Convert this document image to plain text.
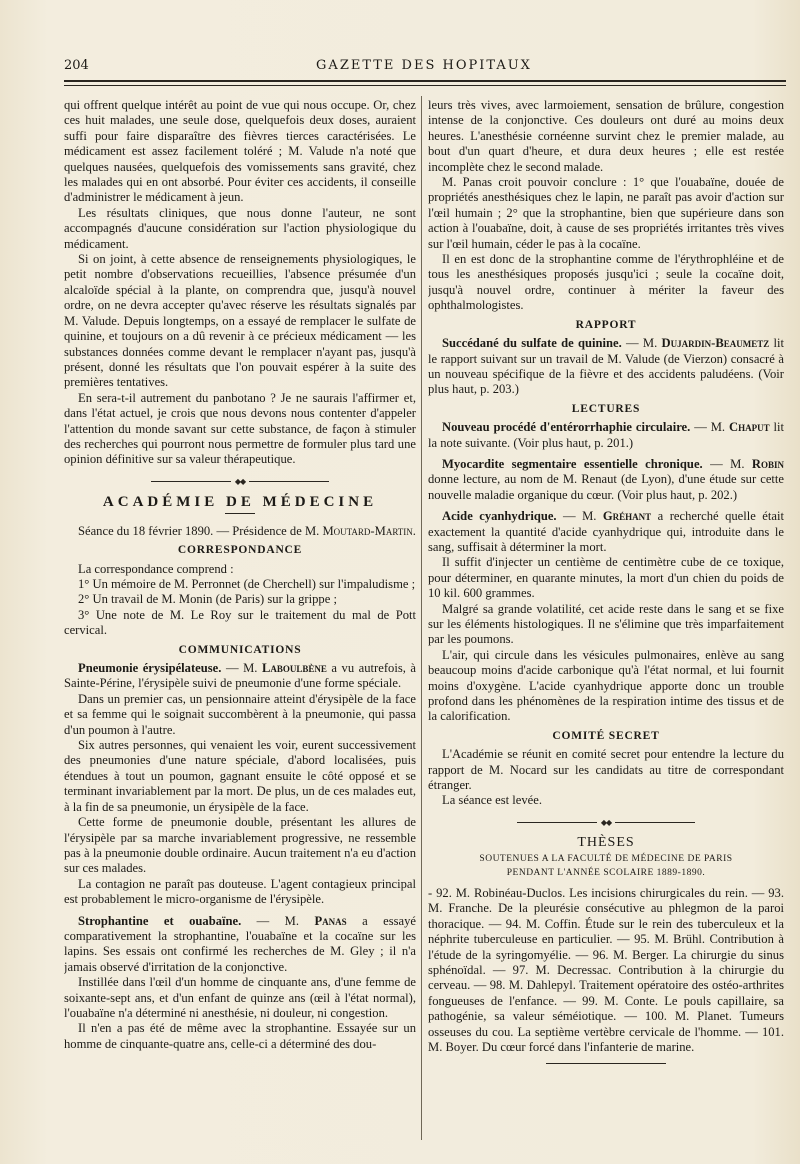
204	GAZETTE DES HOPITAUX

qui offrent quelque intérêt au point de vue qui nous occupe. Or, chez ces huit malades, une seule dose, quelquefois deux doses, auraient suffi pour faire disparaître des fièvres tierces caractérisées. Le médicament est assez facilement toléré ; M. Valude n'a noté que quelques nausées, quelquefois des vomissements sans gravité, chez les malades qui en ont absorbé. Pour éviter ces accidents, il conseille d'administrer le médicament à jeun.

Les résultats cliniques, que nous donne l'auteur, ne sont accompagnés d'aucune considération sur l'action physiologique du médicament.

Si on joint, à cette absence de renseignements physiologiques, le petit nombre d'observations recueillies, l'absence présumée d'un alcaloïde spécial à la plante, on comprendra que, jusqu'à nouvel ordre, on ne devra accepter qu'avec réserve les résultats signalés par M. Valude. Depuis longtemps, on a essayé de remplacer le sulfate de quinine, et toujours on a dû revenir à ce précieux médicament — les substances données comme devant le remplacer n'ayant pas, jusqu'à présent, donné les résultats que l'on pouvait espérer à la suite des premières tentatives.

En sera-t-il autrement du panbotano ? Je ne saurais l'affirmer et, dans l'état actuel, je crois que nous devons nous contenter d'appeler l'attention du monde savant sur cette substance, de façon à stimuler des recherches qui pourront nous permettre de formuler plus tard une opinion définitive sur sa valeur thérapeutique.

◆◆
ACADÉMIE DE MÉDECINE

Séance du 18 février 1890. — Présidence de M. Moutard-Martin.

CORRESPONDANCE

La correspondance comprend :

1° Un mémoire de M. Perronnet (de Cherchell) sur l'impaludisme ;

2° Un travail de M. Monin (de Paris) sur la grippe ;

3° Une note de M. Le Roy sur le traitement du mal de Pott cervical.

COMMUNICATIONS

Pneumonie érysipélateuse. — M. Laboulbène a vu autrefois, à Sainte-Périne, l'érysipèle suivi de pneumonie d'une forme spéciale.

Dans un premier cas, un pensionnaire atteint d'érysipèle de la face et sa femme qui le soignait succombèrent à la pneumonie, qui passa d'un poumon à l'autre.

Six autres personnes, qui venaient les voir, eurent successivement des pneumonies d'une nature spéciale, d'abord localisées, puis étendues à tout un poumon, gagnant ensuite le côté opposé et se terminant invariablement par la mort. De plus, un de ces malades eut, à la fin de sa pneumonie, un érysipèle de la face.

Cette forme de pneumonie double, présentant les allures de l'érysipèle par sa marche invariablement progressive, ne ressemble pas à la pneumonie double ordinaire. Aucun traitement n'a eu d'action sur ces malades.

La contagion ne paraît pas douteuse. L'agent contagieux principal est probablement le micro-organisme de l'érysipèle.

Strophantine et ouabaïne. — M. Panas a essayé comparativement la strophantine, l'ouabaïne et la cocaïne sur les lapins. Ses essais ont confirmé les recherches de M. Gley ; il n'a jamais observé d'irritation de la conjonctive.

Instillée dans l'œil d'un homme de cinquante ans, d'une femme de soixante-sept ans, et d'un enfant de quinze ans (œil à l'état normal), l'ouabaïne n'a déterminé ni anesthésie, ni douleur, ni congestion.

Il n'en a pas été de même avec la strophantine. Essayée sur un homme de cinquante-quatre ans, celle-ci a déterminé des dou-

leurs très vives, avec larmoiement, sensation de brûlure, congestion intense de la conjonctive. Ces douleurs ont duré au moins deux heures. L'anesthésie cornéenne survint chez le premier malade, au bout d'un quart d'heure, et dura deux heures ; elle est restée incomplète chez le second malade.

M. Panas croit pouvoir conclure : 1° que l'ouabaïne, douée de propriétés anesthésiques chez le lapin, ne paraît pas avoir d'action sur l'œil humain ; 2° que la strophantine, bien que supérieure dans son action à l'ouabaïne, doit, à cause de ses propriétés irritantes très vives sur l'œil humain, céder le pas à la cocaïne.

Il en est donc de la strophantine comme de l'érythrophléine et de tous les anesthésiques proposés jusqu'ici ; seule la cocaïne doit, jusqu'à nouvel ordre, continuer à mériter la faveur des ophthalmologistes.

RAPPORT

Succédané du sulfate de quinine. — M. Dujardin-Beaumetz lit le rapport suivant sur un travail de M. Valude (de Vierzon) consacré à un nouveau spécifique de la fièvre et des accidents paludéens. (Voir plus haut, p. 203.)

LECTURES

Nouveau procédé d'entérorrhaphie circulaire. — M. Chaput lit la note suivante. (Voir plus haut, p. 201.)

Myocardite segmentaire essentielle chronique. — M. Robin donne lecture, au nom de M. Renaut (de Lyon), d'une étude sur cette nouvelle maladie organique du cœur. (Voir plus haut, p. 202.)

Acide cyanhydrique. — M. Gréhant a recherché quelle était exactement la quantité d'acide cyanhydrique qui, introduite dans le sang, suffisait à déterminer la mort.

Il suffit d'injecter un centième de centimètre cube de ce toxique, pour déterminer, en quarante minutes, la mort d'un chien du poids de 10 kil. 600 grammes.

Malgré sa grande volatilité, cet acide reste dans le sang et se fixe sur les éléments histologiques. Il ne s'élimine que très imparfaitement par les poumons.

L'air, qui circule dans les vésicules pulmonaires, enlève au sang beaucoup moins d'acide carbonique qu'à l'état normal, et lui fournit moins d'oxygène. L'acide cyanhydrique apporte donc un trouble profond dans les phénomènes de la respiration intime des tissus et de la calorification.

COMITÉ SECRET

L'Académie se réunit en comité secret pour entendre la lecture du rapport de M. Nocard sur les candidats au titre de correspondant étranger.

La séance est levée.

◆◆
THÈSES
SOUTENUES A LA FACULTÉ DE MÉDECINE DE PARIS
PENDANT L'ANNÉE SCOLAIRE 1889-1890.

- 92. M. Robinéau-Duclos. Les incisions chirurgicales du rein. — 93. M. Franche. De la pleurésie consécutive au phlegmon de la paroi thoracique. — 94. M. Coffin. Étude sur le rein des tuberculeux et la néphrite tuberculeuse en particulier. — 95. M. Brühl. Contribution à l'étude de la syringomyélie. — 96. M. Berger. La chirurgie du sinus sphénoïdal. — 97. M. Decressac. Contribution à la chirurgie du cerveau. — 98. M. Dahlepyl. Traitement opératoire des ostéo-arthrites fongueuses de l'enfance. — 99. M. Conte. Le pouls capillaire, sa pathogénie, sa valeur séméiotique. — 100. M. Planet. Tumeurs osseuses du cou. La septième vertèbre cervicale de l'homme. — 101. M. Boyer. Du cœur forcé dans l'infanterie de marine.
